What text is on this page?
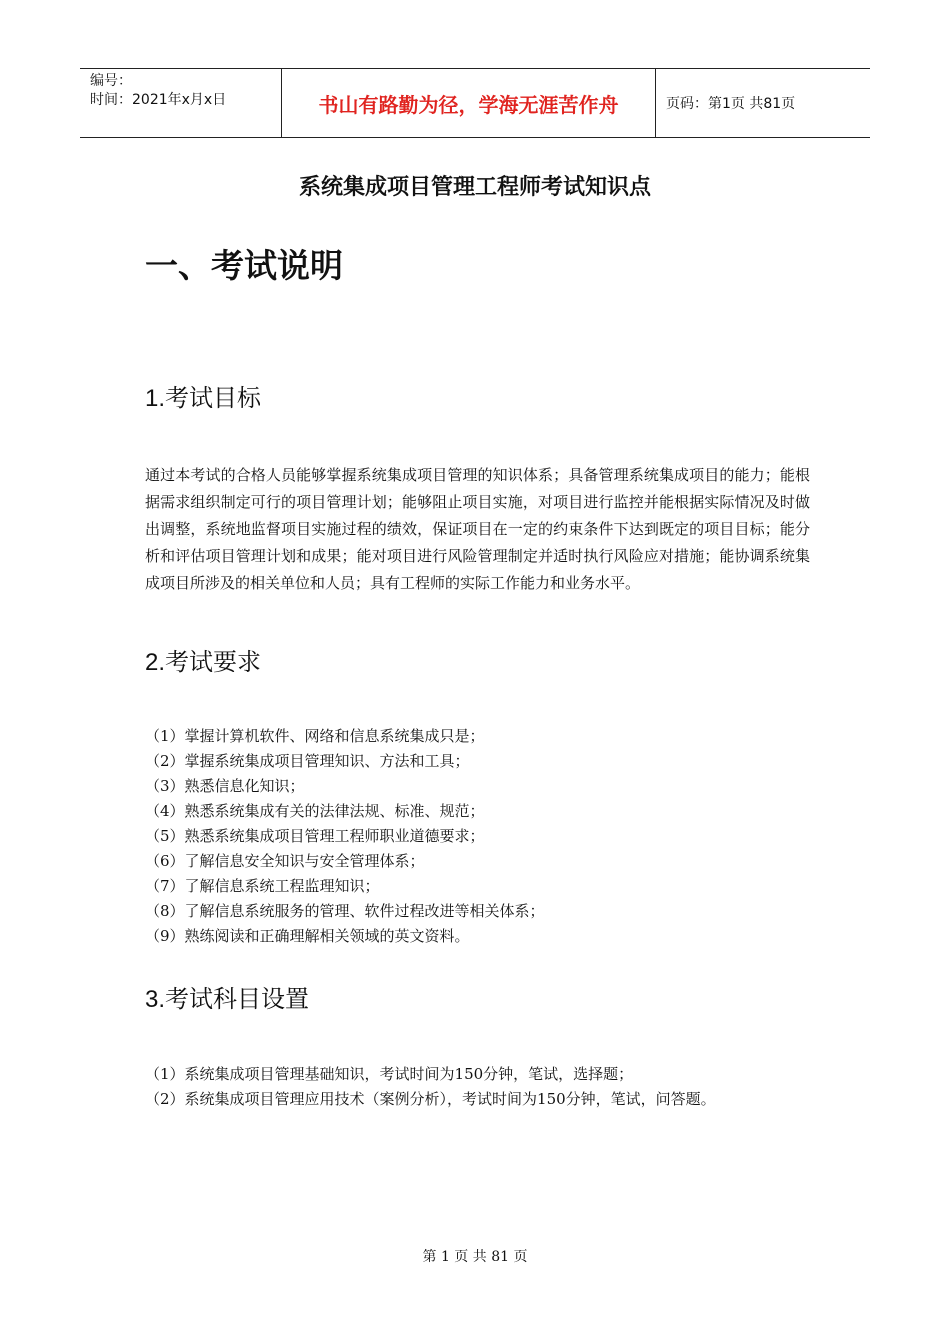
编号：
时间：2021年x月x日	书山有路勤为径，学海无涯苦作舟	页码：第1页 共81页
系统集成项目管理工程师考试知识点
一、考试说明
1.考试目标
通过本考试的合格人员能够掌握系统集成项目管理的知识体系；具备管理系统集成项目的能力；能根据需求组织制定可行的项目管理计划；能够阻止项目实施，对项目进行监控并能根据实际情况及时做出调整，系统地监督项目实施过程的绩效，保证项目在一定的约束条件下达到既定的项目目标；能分析和评估项目管理计划和成果；能对项目进行风险管理制定并适时执行风险应对措施；能协调系统集成项目所涉及的相关单位和人员；具有工程师的实际工作能力和业务水平。
2.考试要求
（1）掌握计算机软件、网络和信息系统集成只是；
（2）掌握系统集成项目管理知识、方法和工具；
（3）熟悉信息化知识；
（4）熟悉系统集成有关的法律法规、标准、规范；
（5）熟悉系统集成项目管理工程师职业道德要求；
（6）了解信息安全知识与安全管理体系；
（7）了解信息系统工程监理知识；
（8）了解信息系统服务的管理、软件过程改进等相关体系；
（9）熟练阅读和正确理解相关领域的英文资料。
3.考试科目设置
（1）系统集成项目管理基础知识，考试时间为150分钟，笔试，选择题；
（2）系统集成项目管理应用技术（案例分析），考试时间为150分钟，笔试，问答题。
第 1 页 共 81 页
